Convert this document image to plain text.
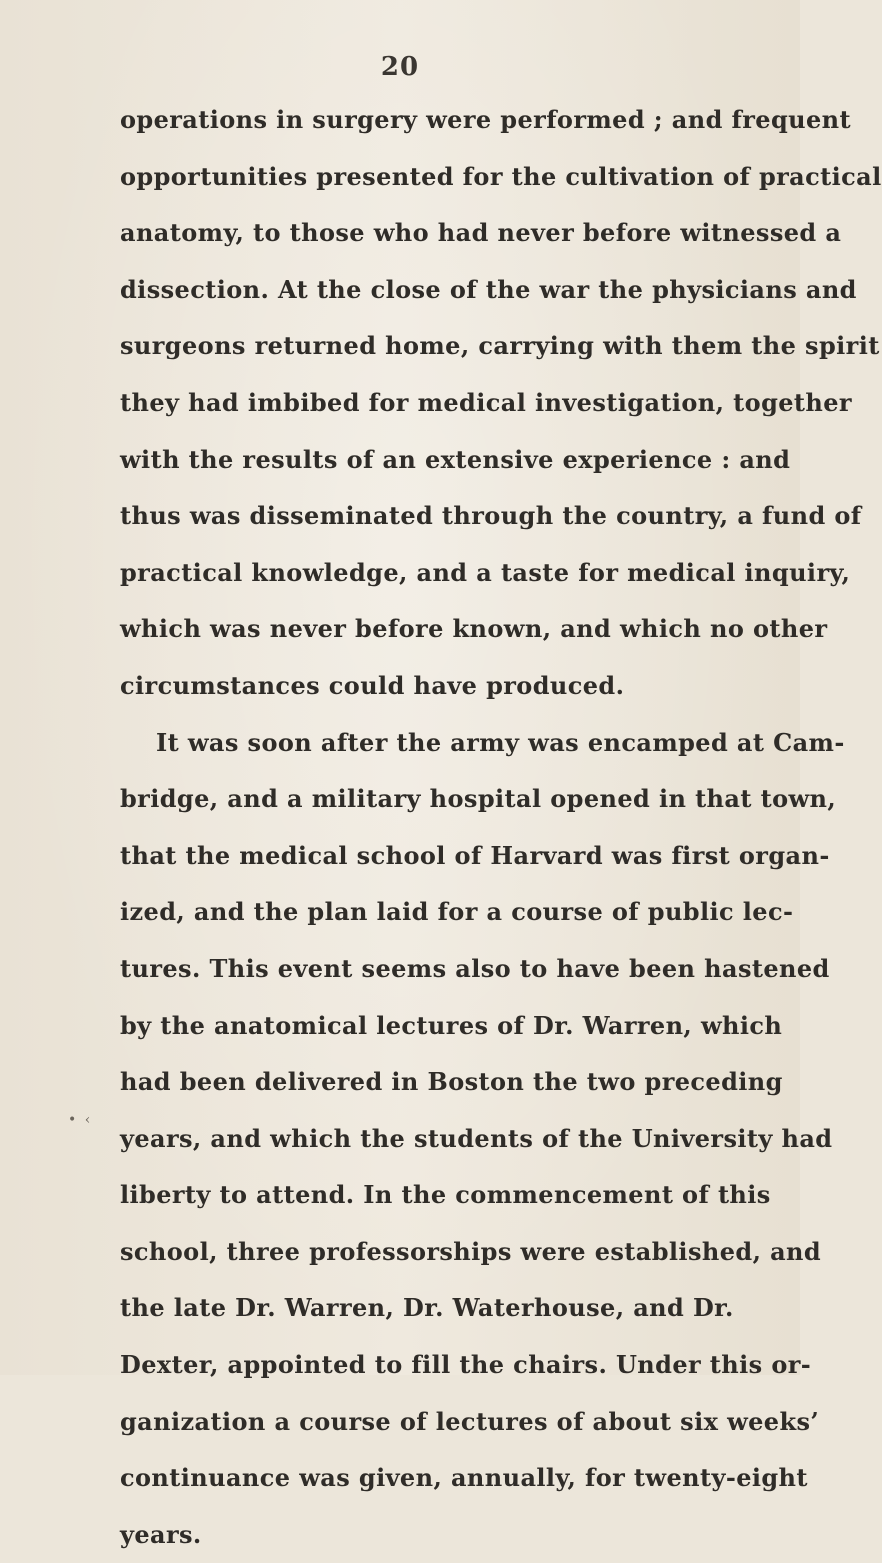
20
operations in surgery were performed ; and frequent
opportunities presented for the cultivation of practical
anatomy, to those who had never before witnessed a
dissection. At the close of the war the physicians and
surgeons returned home, carrying with them the spirit
they had imbibed for medical investigation, together
with the results of an extensive experience : and
thus was disseminated through the country, a fund of
practical knowledge, and a taste for medical inquiry,
which was never before known, and which no other
circumstances could have produced.
It was soon after the army was encamped at Cam-
bridge, and a military hospital opened in that town,
that the medical school of Harvard was first organ-
ized, and the plan laid for a course of public lec-
tures. This event seems also to have been hastened
by the anatomical lectures of Dr. Warren, which
had been delivered in Boston the two preceding
years, and which the students of the University had
liberty to attend. In the commencement of this
school, three professorships were established, and
the late Dr. Warren, Dr. Waterhouse, and Dr.
Dexter, appointed to fill the chairs. Under this or-
ganization a course of lectures of about six weeks’
continuance was given, annually, for twenty-eight
years.
• ‹
